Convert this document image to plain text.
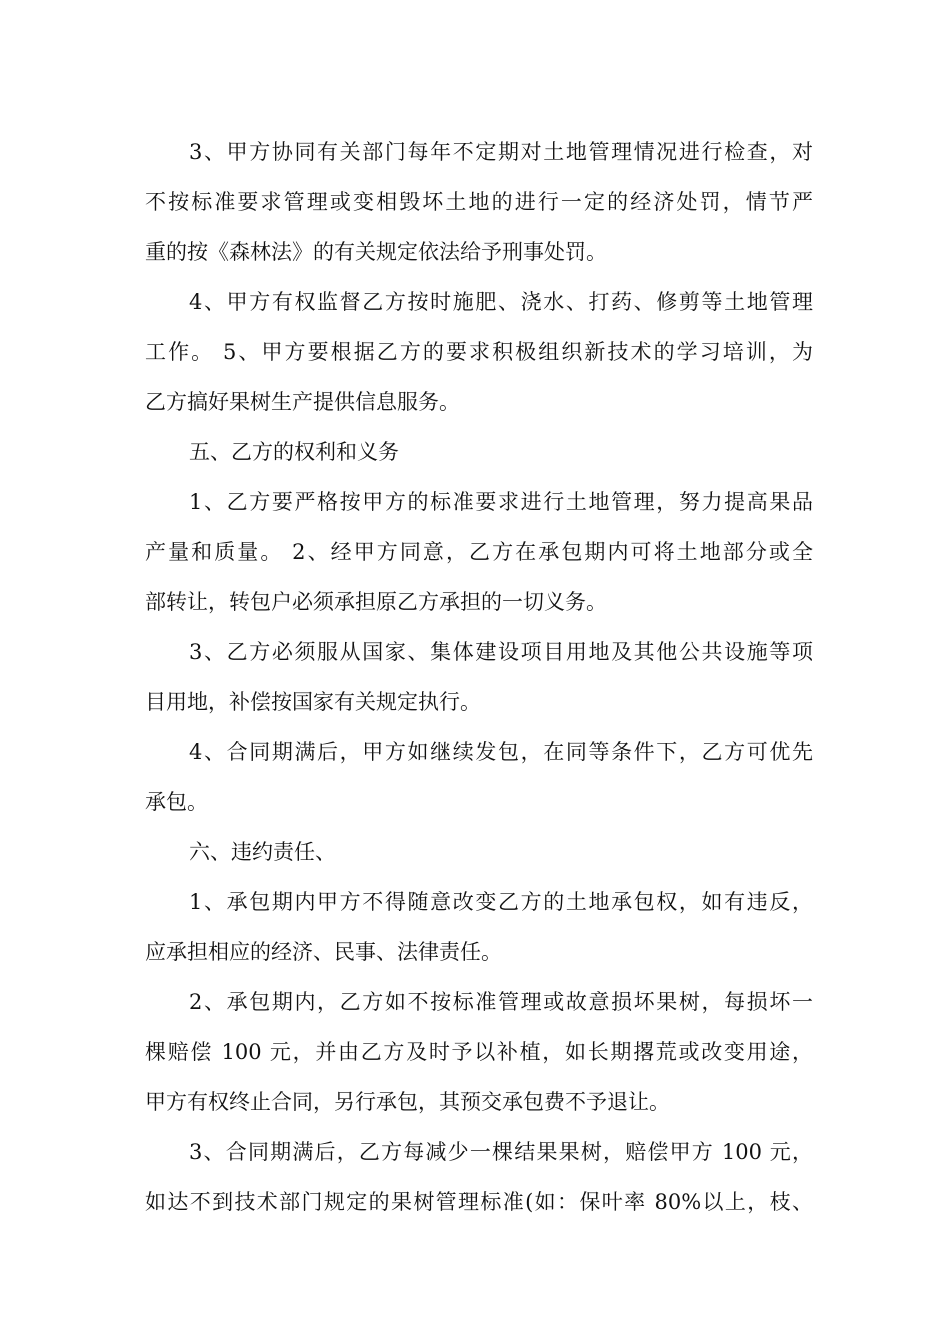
3、甲方协同有关部门每年不定期对土地管理情况进行检查，对
不按标准要求管理或变相毁坏土地的进行一定的经济处罚，情节严
重的按《森林法》的有关规定依法给予刑事处罚。
4、甲方有权监督乙方按时施肥、浇水、打药、修剪等土地管理
工作。 5、甲方要根据乙方的要求积极组织新技术的学习培训，为
乙方搞好果树生产提供信息服务。
五、乙方的权利和义务
1、乙方要严格按甲方的标准要求进行土地管理，努力提高果品
产量和质量。 2、经甲方同意，乙方在承包期内可将土地部分或全
部转让，转包户必须承担原乙方承担的一切义务。
3、乙方必须服从国家、集体建设项目用地及其他公共设施等项
目用地，补偿按国家有关规定执行。
4、合同期满后，甲方如继续发包，在同等条件下，乙方可优先
承包。
六、违约责任、
1、承包期内甲方不得随意改变乙方的土地承包权，如有违反，
应承担相应的经济、民事、法律责任。
2、承包期内，乙方如不按标准管理或故意损坏果树，每损坏一
棵赔偿 100 元，并由乙方及时予以补植，如长期撂荒或改变用途，
甲方有权终止合同，另行承包，其预交承包费不予退让。
3、合同期满后，乙方每减少一棵结果果树，赔偿甲方 100 元，
如达不到技术部门规定的果树管理标准(如：保叶率 80%以上，枝、
